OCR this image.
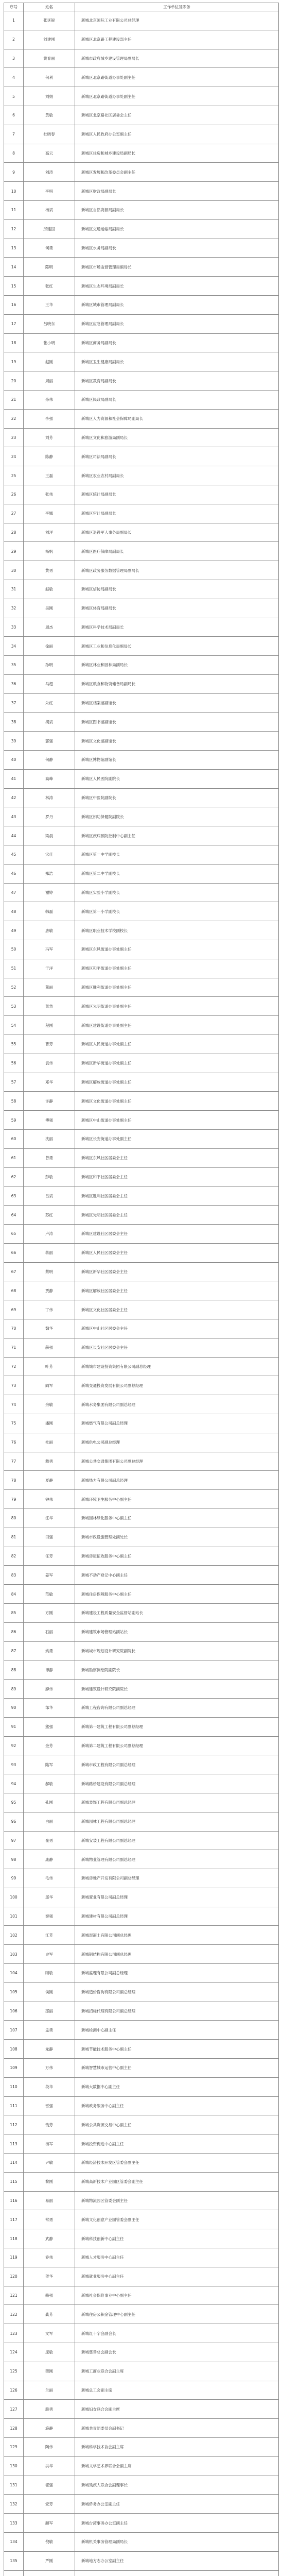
序号	姓名	工作单位及职务
1	张延锐	新城北京国际工业有限公司总经理
2	刘建刚	新城区北京路工程建设部主任
3	黄春丽	新城市政府城乡建设管理局副局长
4	何利	新城区北京路街道办事处副主任
5	刘娟	新城区北京路街道办事处副主任
6	黄敏	新城区北京路社区居委会主任
7	杜晓春	新城区人民政府办公室副主任
8	高云	新城区住房和城乡建设局副局长
9	刘涛	新城区发展和改革委员会副主任
10	李明	新城区财政局副局长
11	杨斌	新城区自然资源局副局长
12	邱建国	新城区交通运输局副局长
13	何勇	新城区水务局副局长
14	陈明	新城区市场监督管理局副局长
15	张红	新城区生态环境局副局长
16	王华	新城区城市管理局副局长
17	吕晓东	新城区应急管理局副局长
18	张小明	新城区商务局副局长
19	赵刚	新城区卫生健康局副局长
20	周丽	新城区教育局副局长
21	孙伟	新城区民政局副局长
22	李强	新城区人力资源和社会保障局副局长
23	刘芳	新城区文化和旅游局副局长
24	陈静	新城区司法局副局长
25	王磊	新城区农业农村局副局长
26	张伟	新城区统计局副局长
27	李娜	新城区审计局副局长
28	刘洋	新城区退役军人事务局副局长
29	杨帆	新城区医疗保障局副局长
30	黄勇	新城区政务服务数据管理局副局长
31	赵敏	新城区信访局副局长
32	吴刚	新城区体育局副局长
33	周杰	新城区科学技术局副局长
34	徐丽	新城区工业和信息化局副局长
35	孙明	新城区林业和园林局副局长
36	马超	新城区粮食和物资储备局副局长
37	朱红	新城区档案馆副馆长
38	胡斌	新城区图书馆副馆长
39	郭强	新城区文化馆副馆长
40	何静	新城区博物馆副馆长
41	高峰	新城区人民医院副院长
42	林涛	新城区中医院副院长
43	罗丹	新城区妇幼保健院副院长
44	梁晨	新城区疾病预防控制中心副主任
45	宋佳	新城区第一中学副校长
46	郑浩	新城区第二中学副校长
47	谢婷	新城区实验小学副校长
48	韩磊	新城区第一小学副校长
49	唐敏	新城区职业技术学校副校长
50	冯军	新城区东风街道办事处副主任
51	于洋	新城区和平街道办事处副主任
52	董丽	新城区胜利街道办事处副主任
53	萧然	新城区光明街道办事处副主任
54	程刚	新城区建设街道办事处副主任
55	曹芳	新城区人民街道办事处副主任
56	袁伟	新城区新华街道办事处副主任
57	邓华	新城区解放街道办事处副主任
58	许静	新城区文化街道办事处副主任
59	傅强	新城区中山街道办事处副主任
60	沈丽	新城区长安街道办事处副主任
61	曾勇	新城区东风社区居委会主任
62	彭敏	新城区和平社区居委会主任
63	吕斌	新城区胜利社区居委会主任
64	苏红	新城区光明社区居委会主任
65	卢涛	新城区建设社区居委会主任
66	蒋丽	新城区人民社区居委会主任
67	蔡明	新城区新华社区居委会主任
68	贾静	新城区解放社区居委会主任
69	丁伟	新城区文化社区居委会主任
70	魏华	新城区中山社区居委会主任
71	薛强	新城区长安社区居委会主任
72	叶芳	新城城市建设投资集团有限公司副总经理
73	阎军	新城交通投资发展有限公司副总经理
74	余敏	新城水务集团有限公司副总经理
75	潘刚	新城燃气有限公司副总经理
76	杜丽	新城供电公司副总经理
77	戴勇	新城公共交通集团有限公司副总经理
78	夏静	新城热力有限公司副总经理
79	钟伟	新城环境卫生服务中心副主任
80	汪华	新城园林绿化服务中心副主任
81	田强	新城市政设施管理处副处长
82	任芳	新城房屋征收服务中心副主任
83	姜军	新城不动产登记中心副主任
84	范敏	新城住房保障服务中心副主任
85	方刚	新城建设工程质量安全监督站副站长
86	石丽	新城建筑市场管理站副站长
87	姚勇	新城城市规划设计研究院副院长
88	谭静	新城勘察测绘院副院长
89	廖伟	新城建筑设计研究院副院长
90	邹华	新城工程咨询有限公司副总经理
91	熊强	新城第一建筑工程有限公司副总经理
92	金芳	新城第二建筑工程有限公司副总经理
93	陆军	新城市政工程有限公司副总经理
94	郝敏	新城路桥建设有限公司副总经理
95	孔刚	新城装饰工程有限公司副总经理
96	白丽	新城园林工程有限公司副总经理
97	崔勇	新城安装工程有限公司副总经理
98	康静	新城物业管理有限公司副总经理
99	毛伟	新城房地产开发有限公司副总经理
100	邱华	新城置业有限公司副总经理
101	秦强	新城建材有限公司副总经理
102	江芳	新城混凝土有限公司副总经理
103	史军	新城钢结构有限公司副总经理
104	顾敏	新城监理有限公司副总经理
105	侯刚	新城造价咨询有限公司副总经理
106	邵丽	新城招标代理有限公司副总经理
107	孟勇	新城检测中心副主任
108	龙静	新城节能技术服务中心副主任
109	万伟	新城智慧城市运营中心副主任
110	段华	新城大数据中心副主任
111	雷强	新城政务服务中心副主任
112	钱芳	新城公共资源交易中心副主任
113	汤军	新城投资促进中心副主任
114	尹敏	新城经济技术开发区管委会副主任
115	黎刚	新城高新技术产业园区管委会副主任
116	易丽	新城物流园区管委会副主任
117	常勇	新城文化创意产业园管委会副主任
118	武静	新城科技创新中心副主任
119	乔伟	新城人才服务中心副主任
120	贺华	新城就业服务中心副主任
121	赖强	新城社会保险事业中心副主任
122	龚芳	新城住房公积金管理中心副主任
123	文军	新城红十字会副会长
124	庞敏	新城慈善总会副会长
125	樊刚	新城工商业联合会副主席
126	兰丽	新城总工会副主席
127	殷勇	新城妇女联合会副主席
128	施静	新城共青团委员会副书记
129	陶伟	新城科学技术协会副主席
130	洪华	新城文学艺术界联合会副主席
131	翟强	新城残疾人联合会副理事长
132	安芳	新城侨务办公室副主任
133	颜军	新城台湾事务办公室副主任
134	倪敏	新城机关事务管理局副局长
135	严刚	新城地方志办公室副主任
